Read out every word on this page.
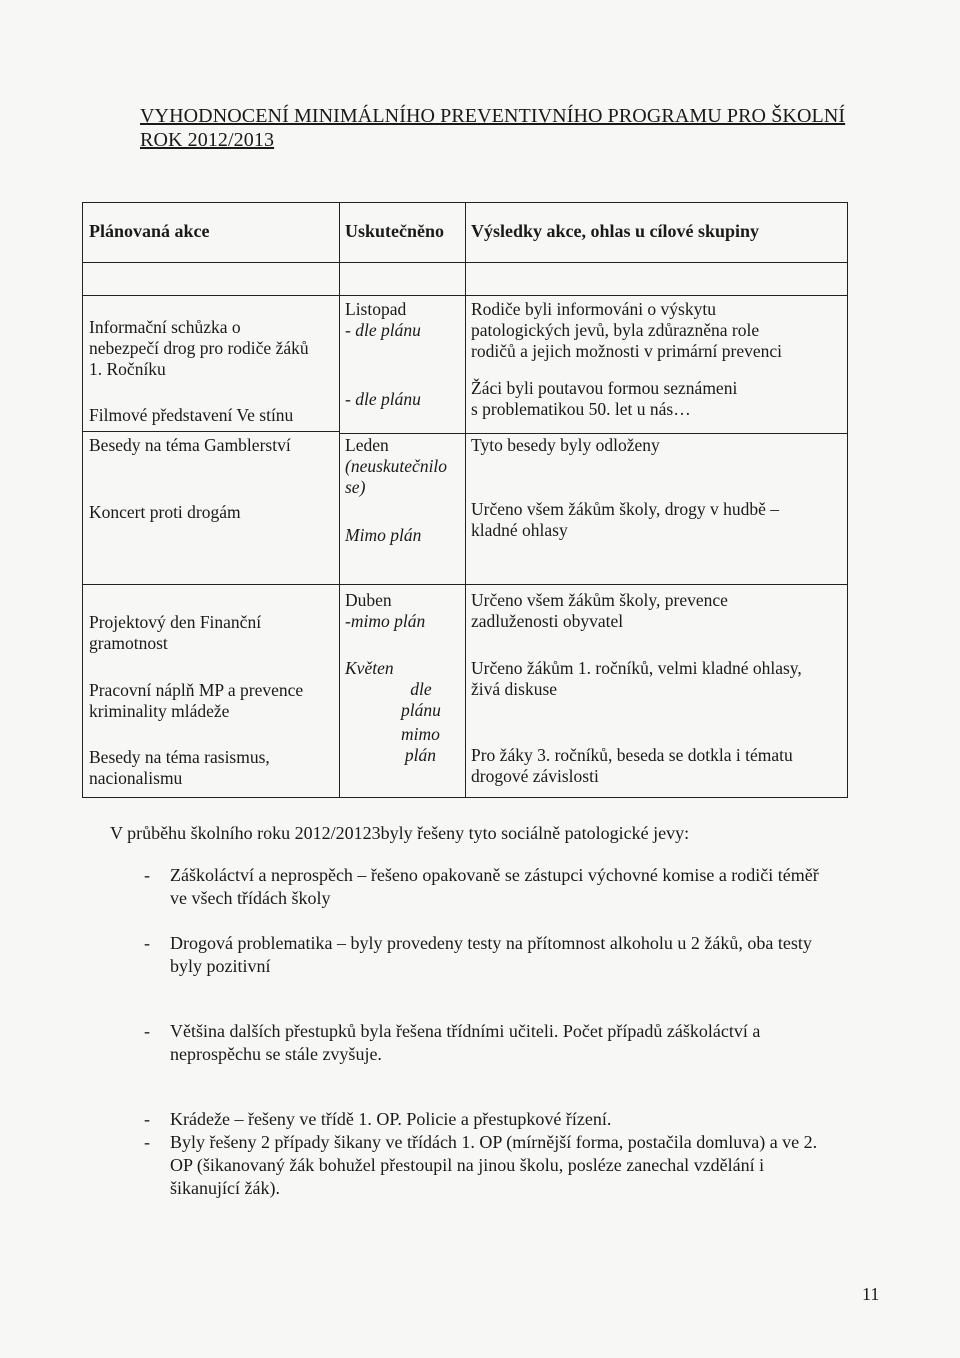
VYHODNOCENÍ MINIMÁLNÍHO PREVENTIVNÍHO PROGRAMU PRO ŠKOLNÍ
ROK 2012/2013
Plánovaná akce	Uskutečněno Výsledky akce, ohlas u cílové skupiny
Informační schůzka o
nebezpečí drog pro rodiče žáků
1. Ročníku
Filmové představení Ve stínu
Listopad
- dle plánu
- dle plánu
Rodiče byli informováni o výskytu
patologických jevů, byla zdůrazněna role
rodičů a jejich možnosti v primární prevenci
Žáci byli poutavou formou seznámeni
s problematikou 50. let u nás…
Besedy na téma Gamblerství
Koncert proti drogám
Leden
(neuskutečnilo
se)
Mimo plán
Tyto besedy byly odloženy
Určeno všem žákům školy, drogy v hudbě –
kladné ohlasy
Projektový den Finanční
gramotnost
Pracovní náplň MP a prevence
kriminality mládeže
Besedy na téma rasismus,
nacionalismu
Duben
-mimo plán
Květen
dle
plánu
mimo
plán
Určeno všem žákům školy, prevence
zadluženosti obyvatel
Určeno žákům 1. ročníků, velmi kladné ohlasy,
živá diskuse
Pro žáky 3. ročníků, beseda se dotkla i tématu
drogové závislosti
V průběhu školního roku 2012/20123byly řešeny tyto sociálně patologické jevy:
- Záškoláctví a neprospěch – řešeno opakovaně se zástupci výchovné komise a rodiči téměř
ve všech třídách školy
- Drogová problematika – byly provedeny testy na přítomnost alkoholu u 2 žáků, oba testy
byly pozitivní
- Většina dalších přestupků byla řešena třídními učiteli. Počet případů záškoláctví a
neprospěchu se stále zvyšuje.
- Krádeže – řešeny ve třídě 1. OP. Policie a přestupkové řízení.
- Byly řešeny 2 případy šikany ve třídách 1. OP (mírnější forma, postačila domluva) a ve 2.
OP (šikanovaný žák bohužel přestoupil na jinou školu, posléze zanechal vzdělání i
šikanující žák).
11
